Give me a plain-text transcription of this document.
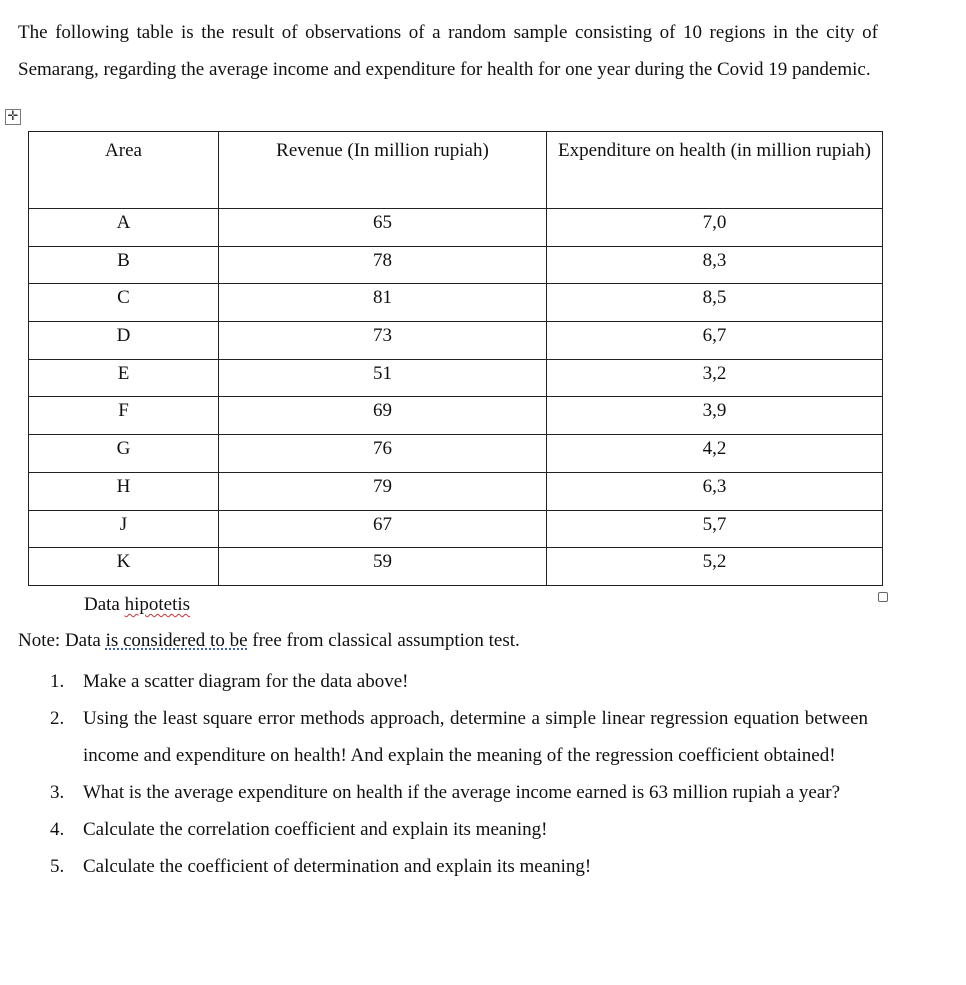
The following table is the result of observations of a random sample consisting of 10 regions in the city of Semarang, regarding the average income and expenditure for health for one year during the Covid 19 pandemic.
✛
Area	Revenue (In million rupiah)	Expenditure on health (in million rupiah)
A	65	7,0
B	78	8,3
C	81	8,5
D	73	6,7
E	51	3,2
F	69	3,9
G	76	4,2
H	79	6,3
J	67	5,7
K	59	5,2
Data hipotetis
Note: Data is considered to be free from classical assumption test.
1. Make a scatter diagram for the data above!
2. Using the least square error methods approach, determine a simple linear regression equation between income and expenditure on health! And explain the meaning of the regression coefficient obtained!
3. What is the average expenditure on health if the average income earned is 63 million rupiah a year?
4. Calculate the correlation coefficient and explain its meaning!
5. Calculate the coefficient of determination and explain its meaning!
